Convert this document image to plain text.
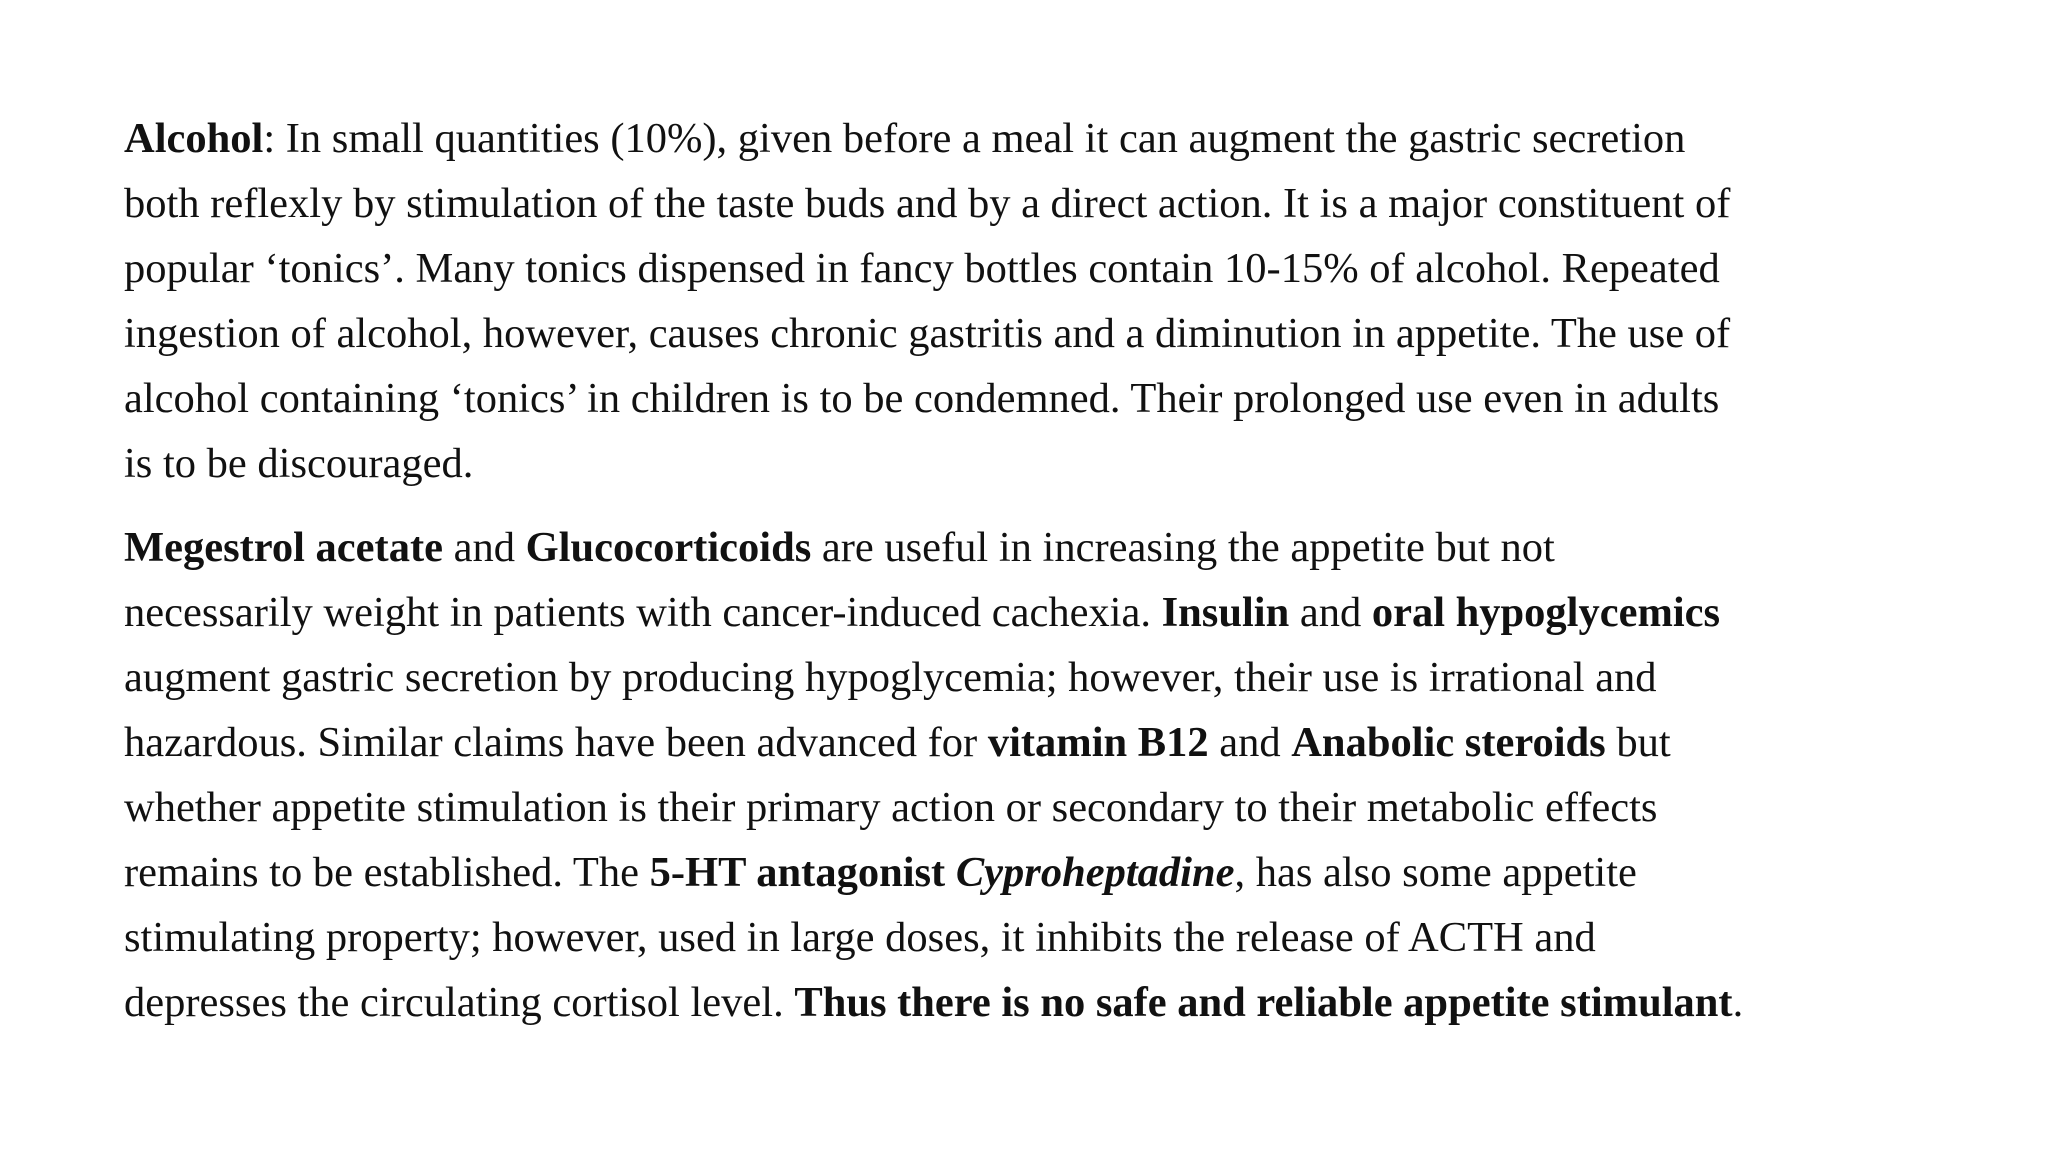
Alcohol: In small quantities (10%), given before a meal it can augment the gastric secretion
both reflexly by stimulation of the taste buds and by a direct action. It is a major constituent of
popular ‘tonics’. Many tonics dispensed in fancy bottles contain 10-15% of alcohol. Repeated
ingestion of alcohol, however, causes chronic gastritis and a diminution in appetite. The use of
alcohol containing ‘tonics’ in children is to be condemned. Their prolonged use even in adults
is to be discouraged.

Megestrol acetate and Glucocorticoids are useful in increasing the appetite but not
necessarily weight in patients with cancer-induced cachexia. Insulin and oral hypoglycemics
augment gastric secretion by producing hypoglycemia; however, their use is irrational and
hazardous. Similar claims have been advanced for vitamin B12 and Anabolic steroids but
whether appetite stimulation is their primary action or secondary to their metabolic effects
remains to be established. The 5-HT antagonist Cyproheptadine, has also some appetite
stimulating property; however, used in large doses, it inhibits the release of ACTH and
depresses the circulating cortisol level. Thus there is no safe and reliable appetite stimulant.
